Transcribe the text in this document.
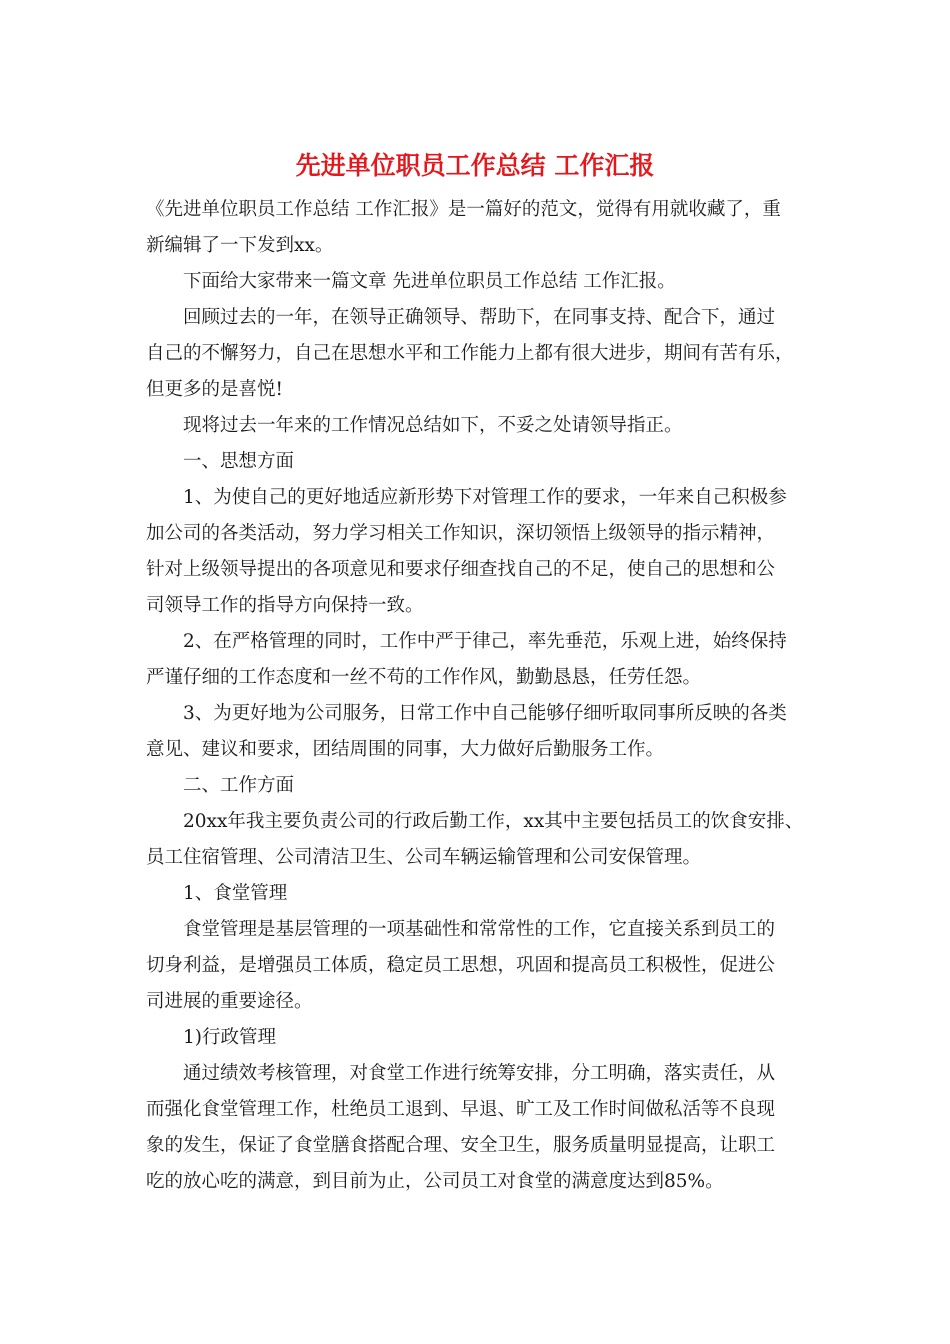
先进单位职员工作总结 工作汇报
《先进单位职员工作总结 工作汇报》是一篇好的范文，觉得有用就收藏了，重
新编辑了一下发到xx。
下面给大家带来一篇文章 先进单位职员工作总结 工作汇报。
回顾过去的一年，在领导正确领导、帮助下，在同事支持、配合下，通过
自己的不懈努力，自己在思想水平和工作能力上都有很大进步，期间有苦有乐，
但更多的是喜悦!
现将过去一年来的工作情况总结如下，不妥之处请领导指正。
一、思想方面
1、为使自己的更好地适应新形势下对管理工作的要求，一年来自己积极参
加公司的各类活动，努力学习相关工作知识，深切领悟上级领导的指示精神，
针对上级领导提出的各项意见和要求仔细查找自己的不足，使自己的思想和公
司领导工作的指导方向保持一致。
2、在严格管理的同时，工作中严于律己，率先垂范，乐观上进，始终保持
严谨仔细的工作态度和一丝不苟的工作作风，勤勤恳恳，任劳任怨。
3、为更好地为公司服务，日常工作中自己能够仔细听取同事所反映的各类
意见、建议和要求，团结周围的同事，大力做好后勤服务工作。
二、工作方面
20xx年我主要负责公司的行政后勤工作，xx其中主要包括员工的饮食安排、
员工住宿管理、公司清洁卫生、公司车辆运输管理和公司安保管理。
1、食堂管理
食堂管理是基层管理的一项基础性和常常性的工作，它直接关系到员工的
切身利益，是增强员工体质，稳定员工思想，巩固和提高员工积极性，促进公
司进展的重要途径。
1)行政管理
通过绩效考核管理，对食堂工作进行统筹安排，分工明确，落实责任，从
而强化食堂管理工作，杜绝员工退到、早退、旷工及工作时间做私活等不良现
象的发生，保证了食堂膳食搭配合理、安全卫生，服务质量明显提高，让职工
吃的放心吃的满意，到目前为止，公司员工对食堂的满意度达到85%。
